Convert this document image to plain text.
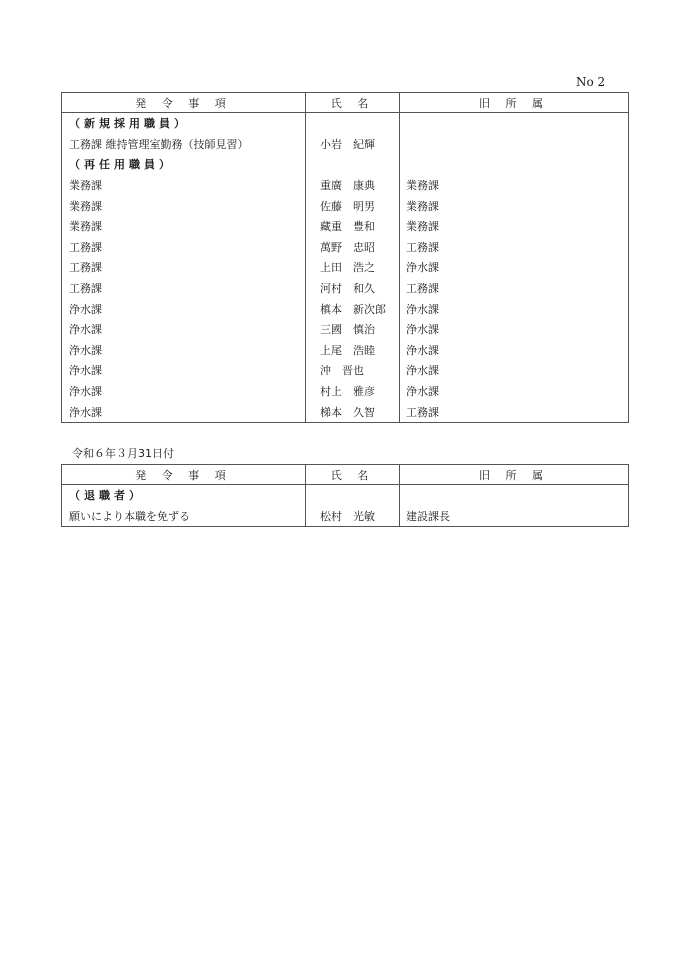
No 2
発 令 事 項	氏 名	旧 所 属
（新規採用職員）		
工務課 維持管理室勤務（技師見習）	小岩　紀輝	
（再任用職員）		
業務課	重廣　康典	業務課
業務課	佐藤　明男	業務課
業務課	藏重　豊和	業務課
工務課	萬野　忠昭	工務課
工務課	上田　浩之	浄水課
工務課	河村　和久	工務課
浄水課	槙本　新次郎	浄水課
浄水課	三國　慎治	浄水課
浄水課	上尾　浩睦	浄水課
浄水課	沖　晋也	浄水課
浄水課	村上　雅彦	浄水課
浄水課	梯本　久智	工務課
令和６年３月31日付
発 令 事 項	氏 名	旧 所 属
（退職者）		
願いにより本職を免ずる	松村　光敏	建設課長
